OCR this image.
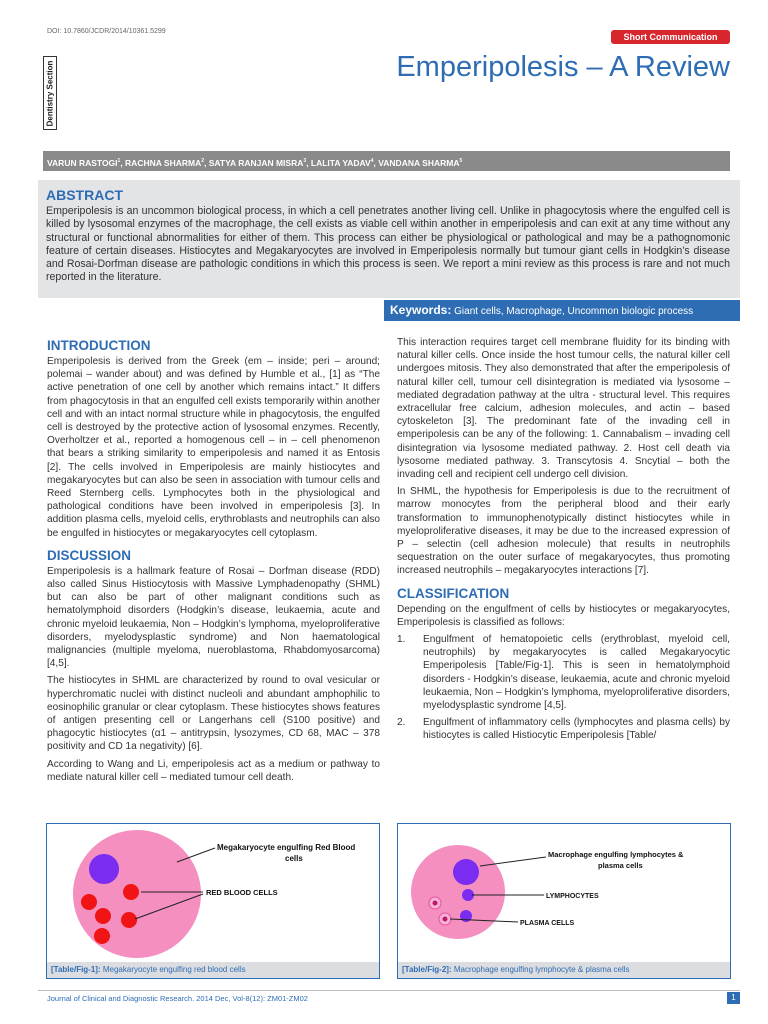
DOI: 10.7860/JCDR/2014/10361.5299
Short Communication
Dentistry Section	Emperipolesis – A Review
VARUN RASTOGI$^1$, RACHNA SHARMA$^2$, SATYA RANJAN MISRA$^3$, LALITA YADAV$^4$, VANDANA SHARMA$^5$
ABSTRACT

Emperipolesis is an uncommon biological process, in which a cell penetrates another living cell. Unlike in phagocytosis where the engulfed cell is killed by lysosomal enzymes of the macrophage, the cell exists as viable cell within another in emperipolesis and can exit at any time without any structural or functional abnormalities for either of them. This process can either be physiological or pathological and may be a pathognomonic feature of certain diseases. Histiocytes and Megakaryocytes are involved in Emperipolesis normally but tumour giant cells in Hodgkin’s disease and Rosai-Dorfman disease are pathologic conditions in which this process is seen. We report a mini review as this process is rare and not much reported in the literature.

Keywords: Giant cells, Macrophage, Uncommon biologic process
INTRODUCTION

Emperipolesis is derived from the Greek (em – inside; peri – around; polemai – wander about) and was defined by Humble et al., [1] as “The active penetration of one cell by another which remains intact.” It differs from phagocytosis in that an engulfed cell exists temporarily within another cell and with an intact normal structure while in phagocytosis, the engulfed cell is destroyed by the protective action of lysosomal enzymes. Recently, Overholtzer et al., reported a homogenous cell – in – cell phenomenon that bears a striking similarity to emperipolesis and named it as Entosis [2]. The cells involved in Emperipolesis are mainly histiocytes and megakaryocytes but can also be seen in association with tumour cells and Reed Sternberg cells. Lymphocytes both in the physiological and pathological conditions have been involved in emperipolesis [3]. In addition plasma cells, myeloid cells, erythroblasts and neutrophils can also be engulfed in histiocytes or megakaryocytes cell cytoplasm.

DISCUSSION

Emperipolesis is a hallmark feature of Rosai – Dorfman disease (RDD) also called Sinus Histiocytosis with Massive Lymphadenopathy (SHML) but can also be part of other malignant conditions such as hematolymphoid disorders (Hodgkin’s disease, leukaemia, acute and chronic myeloid leukaemia, Non – Hodgkin’s lymphoma, myeloproliferative disorders, myelodysplastic syndrome) and Non haematological malignancies (multiple myeloma, nueroblastoma, Rhabdomyosarcoma) [4,5].

The histiocytes in SHML are characterized by round to oval vesicular or hyperchromatic nuclei with distinct nucleoli and abundant amphophilic to eosinophilic granular or clear cytoplasm. These histiocytes shows features of antigen presenting cell or Langerhans cell (S100 positive) and phagocytic histiocytes (α1 – antitrypsin, lysozymes, CD 68, MAC – 378 positivity and CD 1a negativity) [6].

According to Wang and Li, emperipolesis act as a medium or pathway to mediate natural killer cell – mediated tumour cell death.

This interaction requires target cell membrane fluidity for its binding with natural killer cells. Once inside the host tumour cells, the natural killer cell undergoes mitosis. They also demonstrated that after the emperipolesis of natural killer cell, tumour cell disintegration is mediated via lysosome – mediated degradation pathway at the ultra - structural level. This requires extracellular free calcium, adhesion molecules, and actin – based cytoskeleton [3]. The predominant fate of the invading cell in emperipolesis can be any of the following: 1. Cannabalism – invading cell disintegration via lysosome mediated pathway. 2. Host cell death via lysosome mediated pathway. 3. Transcytosis 4. Sncytial – both the invading cell and recipient cell undergo cell division.

In SHML, the hypothesis for Emperipolesis is due to the recruitment of marrow monocytes from the peripheral blood and their early transformation to immunophenotypically distinct histiocytes while in myeloproliferative diseases, it may be due to the increased expression of P – selectin (cell adhesion molecule) that results in neutrophils sequestration on the outer surface of megakaryocytes, thus promoting increased neutrophils – megakaryocytes interactions [7].

CLASSIFICATION

Depending on the engulfment of cells by histiocytes or megakaryocytes, Emperipolesis is classified as follows:

1.	Engulfment of hematopoietic cells (erythroblast, myeloid cell, neutrophils) by megakaryocytes is called Megakaryocytic Emperipolesis [Table/Fig-1]. This is seen in hematolymphoid disorders - Hodgkin’s disease, leukaemia, acute and chronic myeloid leukaemia, Non – Hodgkin’s lymphoma, myeloproliferative disorders, myelodysplastic syndrome [4,5].
2.	Engulfment of inflammatory cells (lymphocytes and plasma cells) by histiocytes is called Histiocytic Emperipolesis [Table/
Megakaryocyte engulfing Red Blood
cells
RED BLOOD CELLS
[Table/Fig-1]: Megakaryocyte engulfing red blood cells
Macrophage engulfing lymphocytes &
plasma cells
LYMPHOCYTES
PLASMA CELLS
[Table/Fig-2]: Macrophage engulfing lymphocyte & plasma cells
Journal of Clinical and Diagnostic Research. 2014 Dec, Vol-8(12): ZM01-ZM02	1
